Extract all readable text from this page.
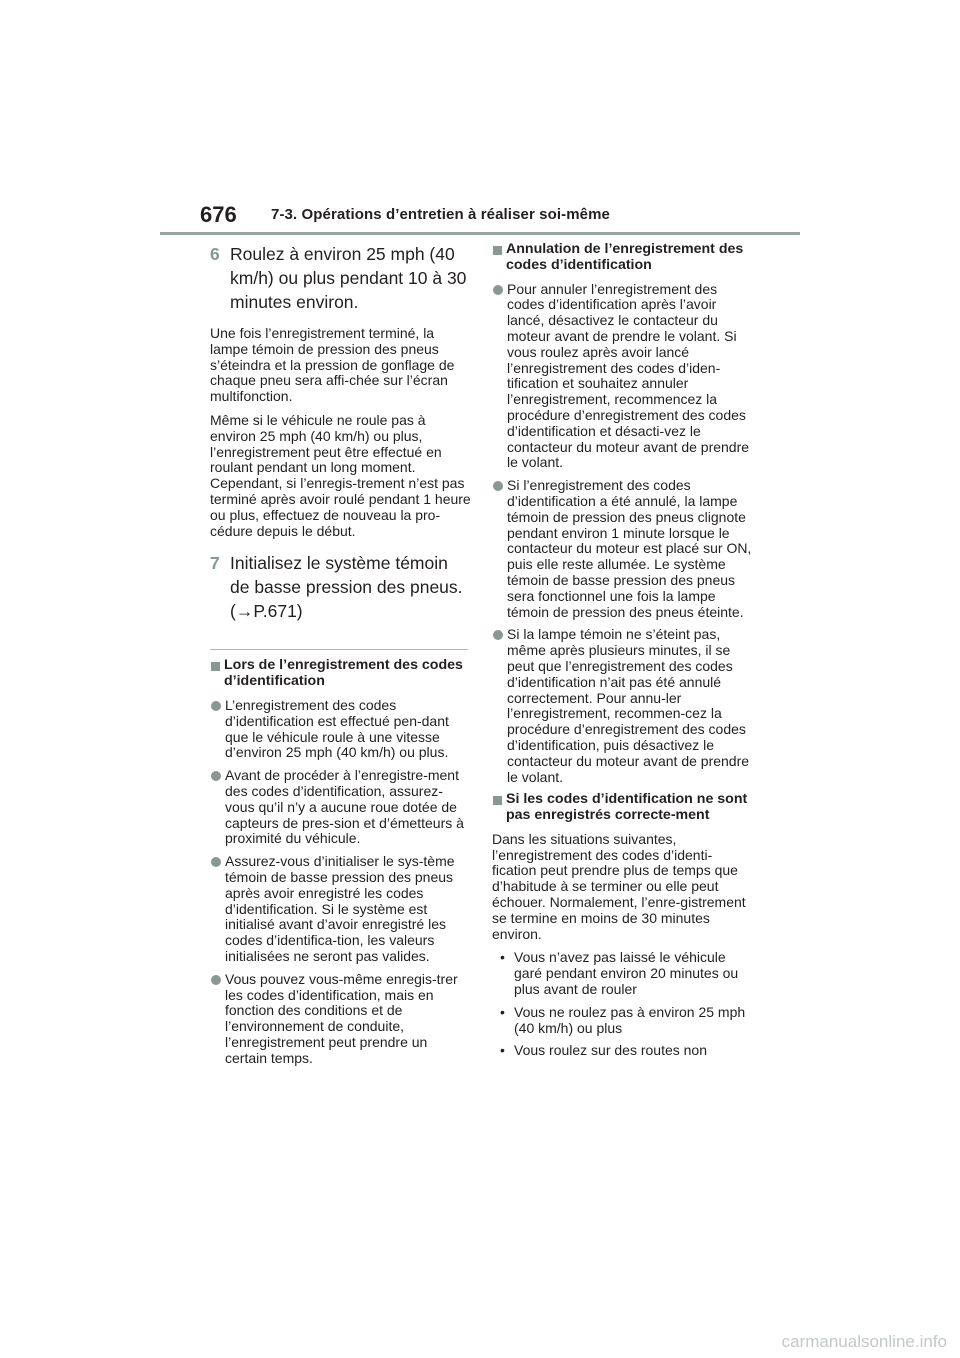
676 7-3. Opérations d’entretien à réaliser soi-même
6 Roulez à environ 25 mph (40 km/h) ou plus pendant 10 à 30 minutes environ.

Une fois l’enregistrement terminé, la lampe témoin de pression des pneus s’éteindra et la pression de gonflage de chaque pneu sera affi-chée sur l’écran multifonction.

Même si le véhicule ne roule pas à environ 25 mph (40 km/h) ou plus, l’enregistrement peut être effectué en roulant pendant un long moment. Cependant, si l’enregis-trement n’est pas terminé après avoir roulé pendant 1 heure ou plus, effectuez de nouveau la pro-cédure depuis le début.

7 Initialisez le système témoin de basse pression des pneus. (→P.671)
Lors de l’enregistrement des codes d’identification
L’enregistrement des codes d’identification est effectué pen-dant que le véhicule roule à une vitesse d’environ 25 mph (40 km/h) ou plus.
Avant de procéder à l’enregistre-ment des codes d’identification, assurez-vous qu’il n’y a aucune roue dotée de capteurs de pres-sion et d’émetteurs à proximité du véhicule.
Assurez-vous d’initialiser le sys-tème témoin de basse pression des pneus après avoir enregistré les codes d’identification. Si le système est initialisé avant d’avoir enregistré les codes d’identifica-tion, les valeurs initialisées ne seront pas valides.
Vous pouvez vous-même enregis-trer les codes d’identification, mais en fonction des conditions et de l’environnement de conduite, l’enregistrement peut prendre un certain temps.
Annulation de l’enregistrement des codes d’identification
Pour annuler l’enregistrement des codes d’identification après l’avoir lancé, désactivez le contacteur du moteur avant de prendre le volant. Si vous roulez après avoir lancé l’enregistrement des codes d’iden-tification et souhaitez annuler l’enregistrement, recommencez la procédure d’enregistrement des codes d’identification et désacti-vez le contacteur du moteur avant de prendre le volant.
Si l’enregistrement des codes d’identification a été annulé, la lampe témoin de pression des pneus clignote pendant environ 1 minute lorsque le contacteur du moteur est placé sur ON, puis elle reste allumée. Le système témoin de basse pression des pneus sera fonctionnel une fois la lampe témoin de pression des pneus éteinte.
Si la lampe témoin ne s’éteint pas, même après plusieurs minutes, il se peut que l’enregistrement des codes d’identification n’ait pas été annulé correctement. Pour annu-ler l’enregistrement, recommen-cez la procédure d’enregistrement des codes d’identification, puis désactivez le contacteur du moteur avant de prendre le volant.
Si les codes d’identification ne sont pas enregistrés correcte-ment

Dans les situations suivantes, l’enregistrement des codes d’identi-fication peut prendre plus de temps que d’habitude à se terminer ou elle peut échouer. Normalement, l’enre-gistrement se termine en moins de 30 minutes environ.

• Vous n’avez pas laissé le véhicule garé pendant environ 20 minutes ou plus avant de rouler
• Vous ne roulez pas à environ 25 mph (40 km/h) ou plus
• Vous roulez sur des routes non
carmanualsonline.info
